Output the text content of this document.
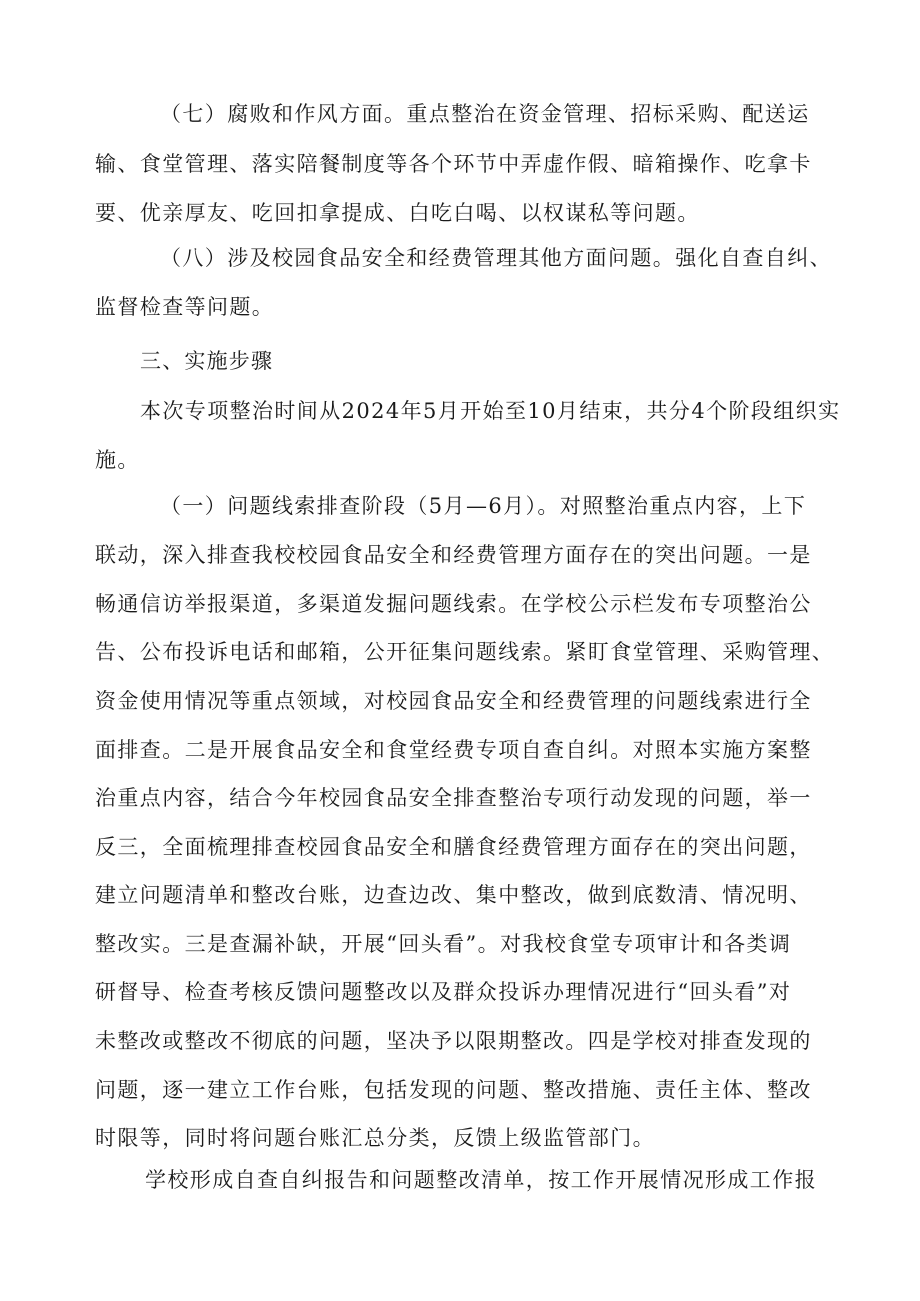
（七）腐败和作风方面。重点整治在资金管理、招标采购、配送运
输、食堂管理、落实陪餐制度等各个环节中弄虚作假、暗箱操作、吃拿卡
要、优亲厚友、吃回扣拿提成、白吃白喝、以权谋私等问题。
（八）涉及校园食品安全和经费管理其他方面问题。强化自查自纠、
监督检查等问题。
三、实施步骤
本次专项整治时间从2024年5月开始至10月结束，共分4个阶段组织实
施。
（一）问题线索排查阶段（5月—6月）。对照整治重点内容，上下
联动，深入排查我校校园食品安全和经费管理方面存在的突出问题。一是
畅通信访举报渠道，多渠道发掘问题线索。在学校公示栏发布专项整治公
告、公布投诉电话和邮箱，公开征集问题线索。紧盯食堂管理、采购管理、
资金使用情况等重点领域，对校园食品安全和经费管理的问题线索进行全
面排查。二是开展食品安全和食堂经费专项自查自纠。对照本实施方案整
治重点内容，结合今年校园食品安全排查整治专项行动发现的问题，举一
反三，全面梳理排查校园食品安全和膳食经费管理方面存在的突出问题，
建立问题清单和整改台账，边查边改、集中整改，做到底数清、情况明、
整改实。三是查漏补缺，开展“回头看”。对我校食堂专项审计和各类调
研督导、检查考核反馈问题整改以及群众投诉办理情况进行“回头看”对
未整改或整改不彻底的问题，坚决予以限期整改。四是学校对排查发现的
问题，逐一建立工作台账，包括发现的问题、整改措施、责任主体、整改
时限等，同时将问题台账汇总分类，反馈上级监管部门。
学校形成自查自纠报告和问题整改清单，按工作开展情况形成工作报
